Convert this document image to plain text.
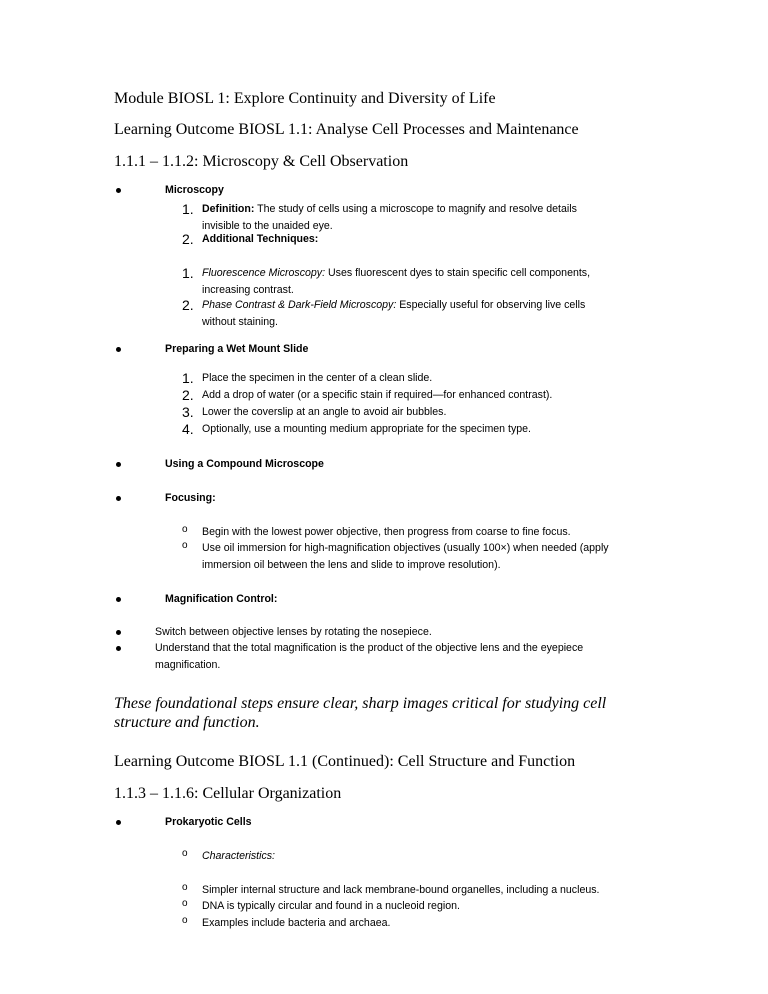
Module BIOSL 1: Explore Continuity and Diversity of Life
Learning Outcome BIOSL 1.1: Analyse Cell Processes and Maintenance
1.1.1 – 1.1.2: Microscopy & Cell Observation
Microscopy
1. Definition: The study of cells using a microscope to magnify and resolve details invisible to the unaided eye.
2. Additional Techniques:
1. Fluorescence Microscopy: Uses fluorescent dyes to stain specific cell components, increasing contrast.
2. Phase Contrast & Dark-Field Microscopy: Especially useful for observing live cells without staining.
Preparing a Wet Mount Slide
1. Place the specimen in the center of a clean slide.
2. Add a drop of water (or a specific stain if required—for enhanced contrast).
3. Lower the coverslip at an angle to avoid air bubbles.
4. Optionally, use a mounting medium appropriate for the specimen type.
Using a Compound Microscope
Focusing:
o Begin with the lowest power objective, then progress from coarse to fine focus.
o Use oil immersion for high-magnification objectives (usually 100×) when needed (apply immersion oil between the lens and slide to improve resolution).
Magnification Control:
Switch between objective lenses by rotating the nosepiece.
Understand that the total magnification is the product of the objective lens and the eyepiece magnification.
These foundational steps ensure clear, sharp images critical for studying cell structure and function.
Learning Outcome BIOSL 1.1 (Continued): Cell Structure and Function
1.1.3 – 1.1.6: Cellular Organization
Prokaryotic Cells
o Characteristics:
o Simpler internal structure and lack membrane-bound organelles, including a nucleus.
o DNA is typically circular and found in a nucleoid region.
o Examples include bacteria and archaea.
